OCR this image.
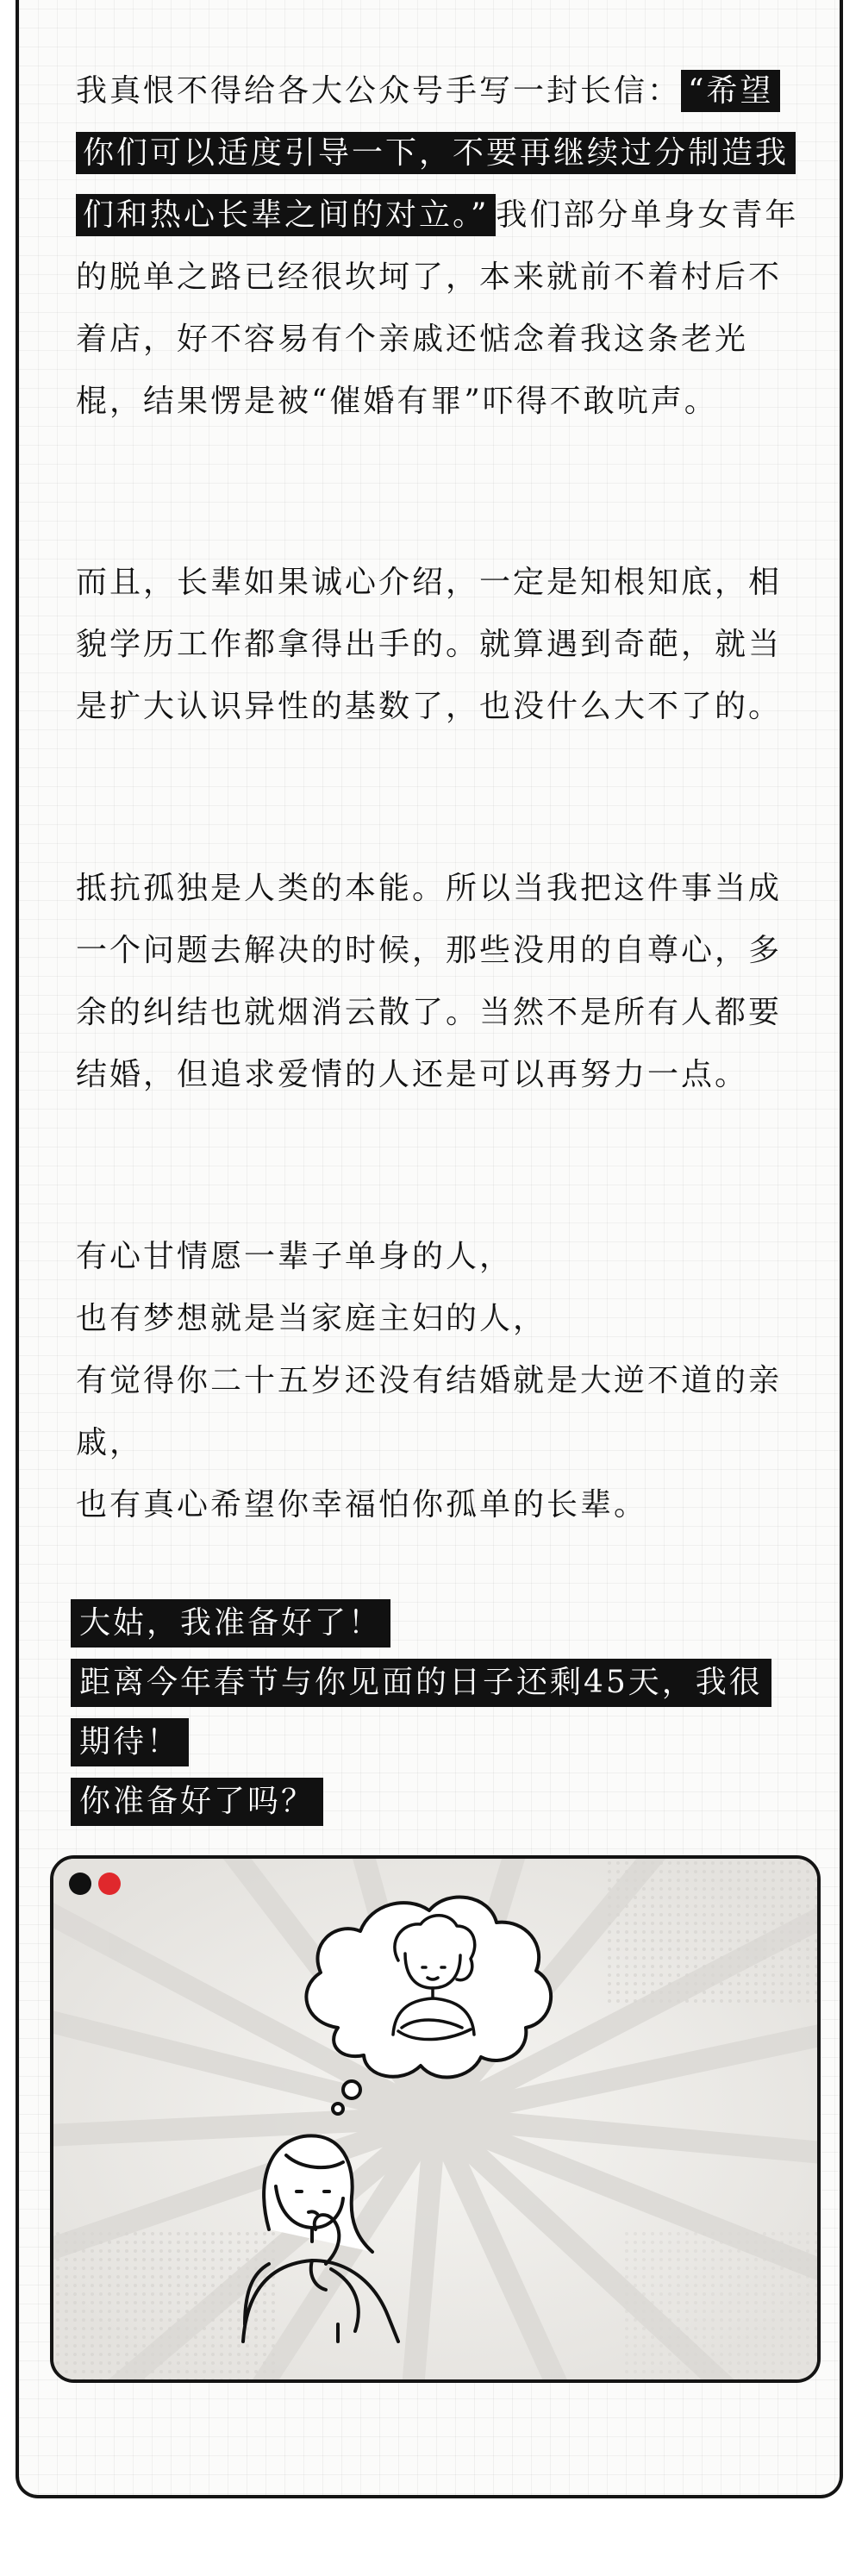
我真恨不得给各大公众号手写一封长信： “希望你们可以适度引导一下，不要再继续过分制造我们和热心长辈之间的对立。” 我们部分单身女青年的脱单之路已经很坎坷了，本来就前不着村后不着店，好不容易有个亲戚还惦念着我这条老光棍，结果愣是被“催婚有罪”吓得不敢吭声。

而且，长辈如果诚心介绍，一定是知根知底，相貌学历工作都拿得出手的。就算遇到奇葩，就当是扩大认识异性的基数了，也没什么大不了的。

抵抗孤独是人类的本能。所以当我把这件事当成一个问题去解决的时候，那些没用的自尊心，多余的纠结也就烟消云散了。当然不是所有人都要结婚，但追求爱情的人还是可以再努力一点。

有心甘情愿一辈子单身的人，
也有梦想就是当家庭主妇的人，
有觉得你二十五岁还没有结婚就是大逆不道的亲戚，
也有真心希望你幸福怕你孤单的长辈。

大姑，我准备好了！
距离今年春节与你见面的日子还剩45天，我很
期待！
你准备好了吗？
